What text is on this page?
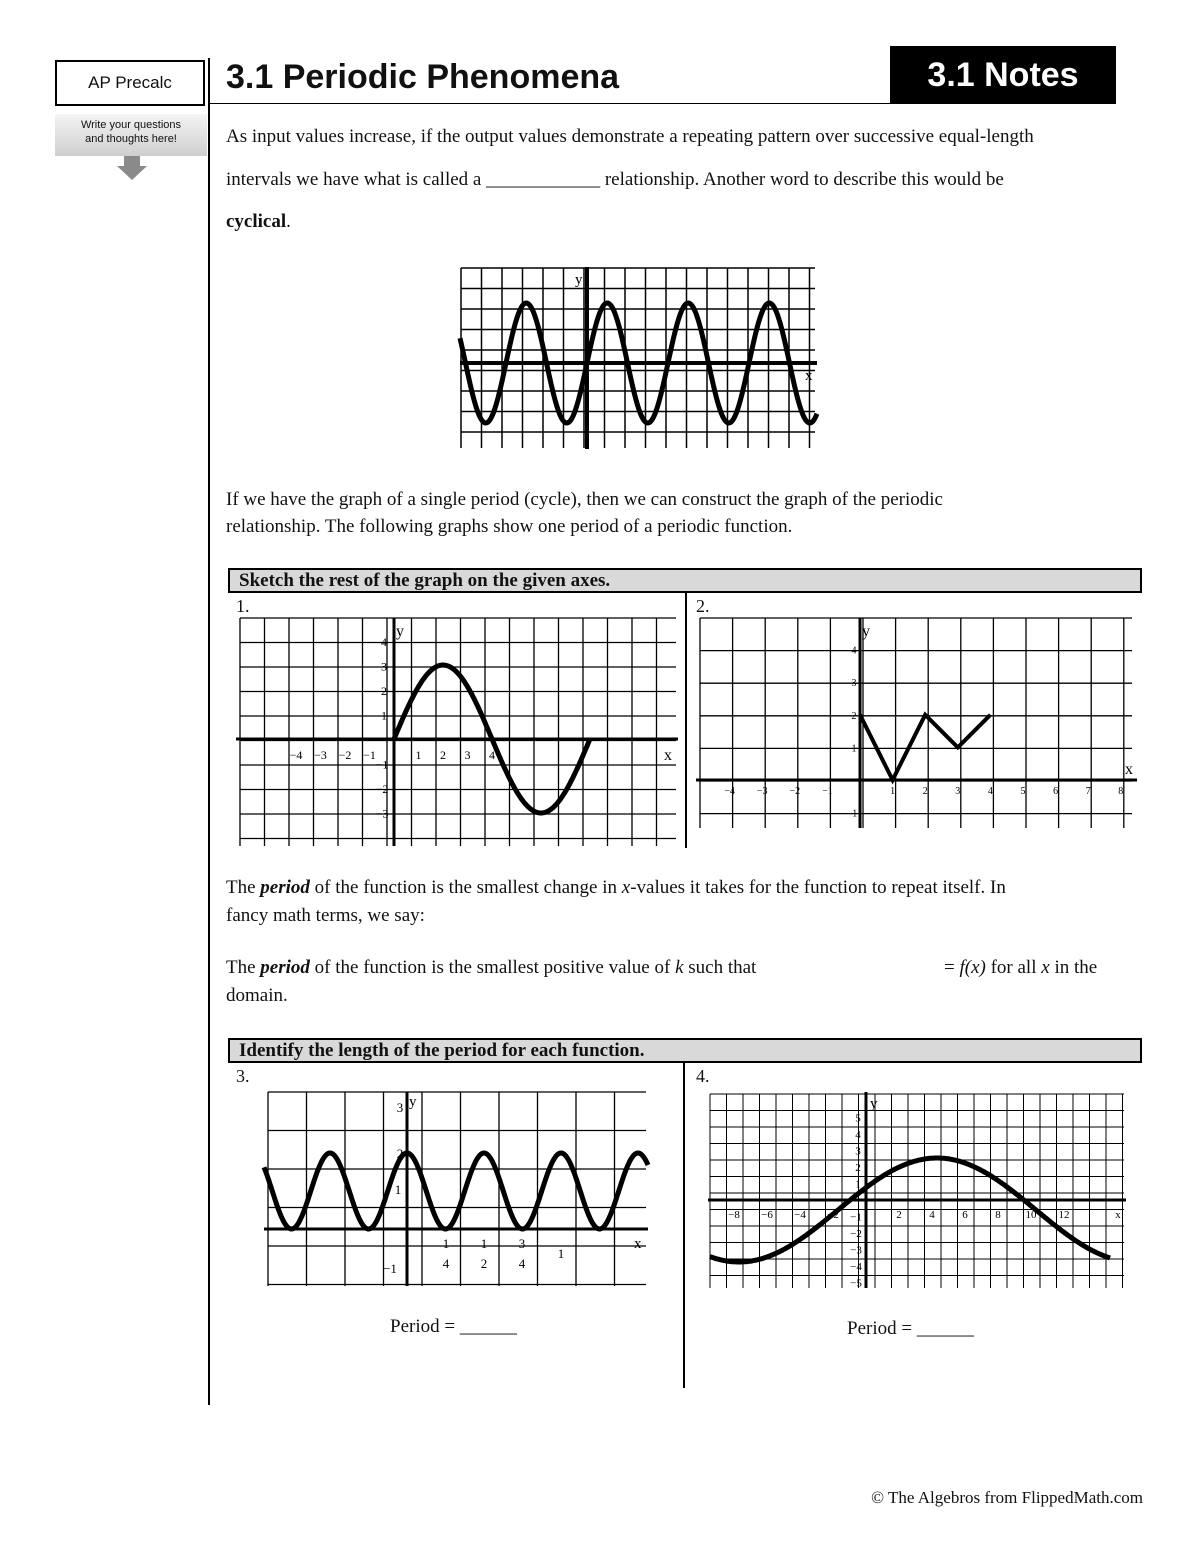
AP Precalc
Write your questions
and thoughts here!
3.1 Periodic Phenomena	3.1 Notes
As input values increase, if the output values demonstrate a repeating pattern over successive equal-length
intervals we have what is called a ____________ relationship. Another word to describe this would be
cyclical.
y
x
If we have the graph of a single period (cycle), then we can construct the graph of the periodic
relationship. The following graphs show one period of a periodic function.
Sketch the rest of the graph on the given axes.
1.	2.
−4 −3 −2 −1	1 2 3 4
4
3
2
1
−1
−2
−3
y
x
−4 −3 −2 −1	1	2	3	4	5	6	7	8
1
2
3
4
−1
y
x
The period of the function is the smallest change in x-values it takes for the function to repeat itself. In
fancy math terms, we say:
The period of the function is the smallest positive value of k such that	= f(x) for all x in the
domain.
Identify the length of the period for each function.
3.	4.
3
2
1
−1
1
4
1
2
3
4
1
y
x
Period = ______
−8 −6 −4 −2	2	4	6	8 10 12
1
2
3
4
5
−1
−2
−3
−4
−5
x
y
Period = ______
© The Algebros from FlippedMath.com
